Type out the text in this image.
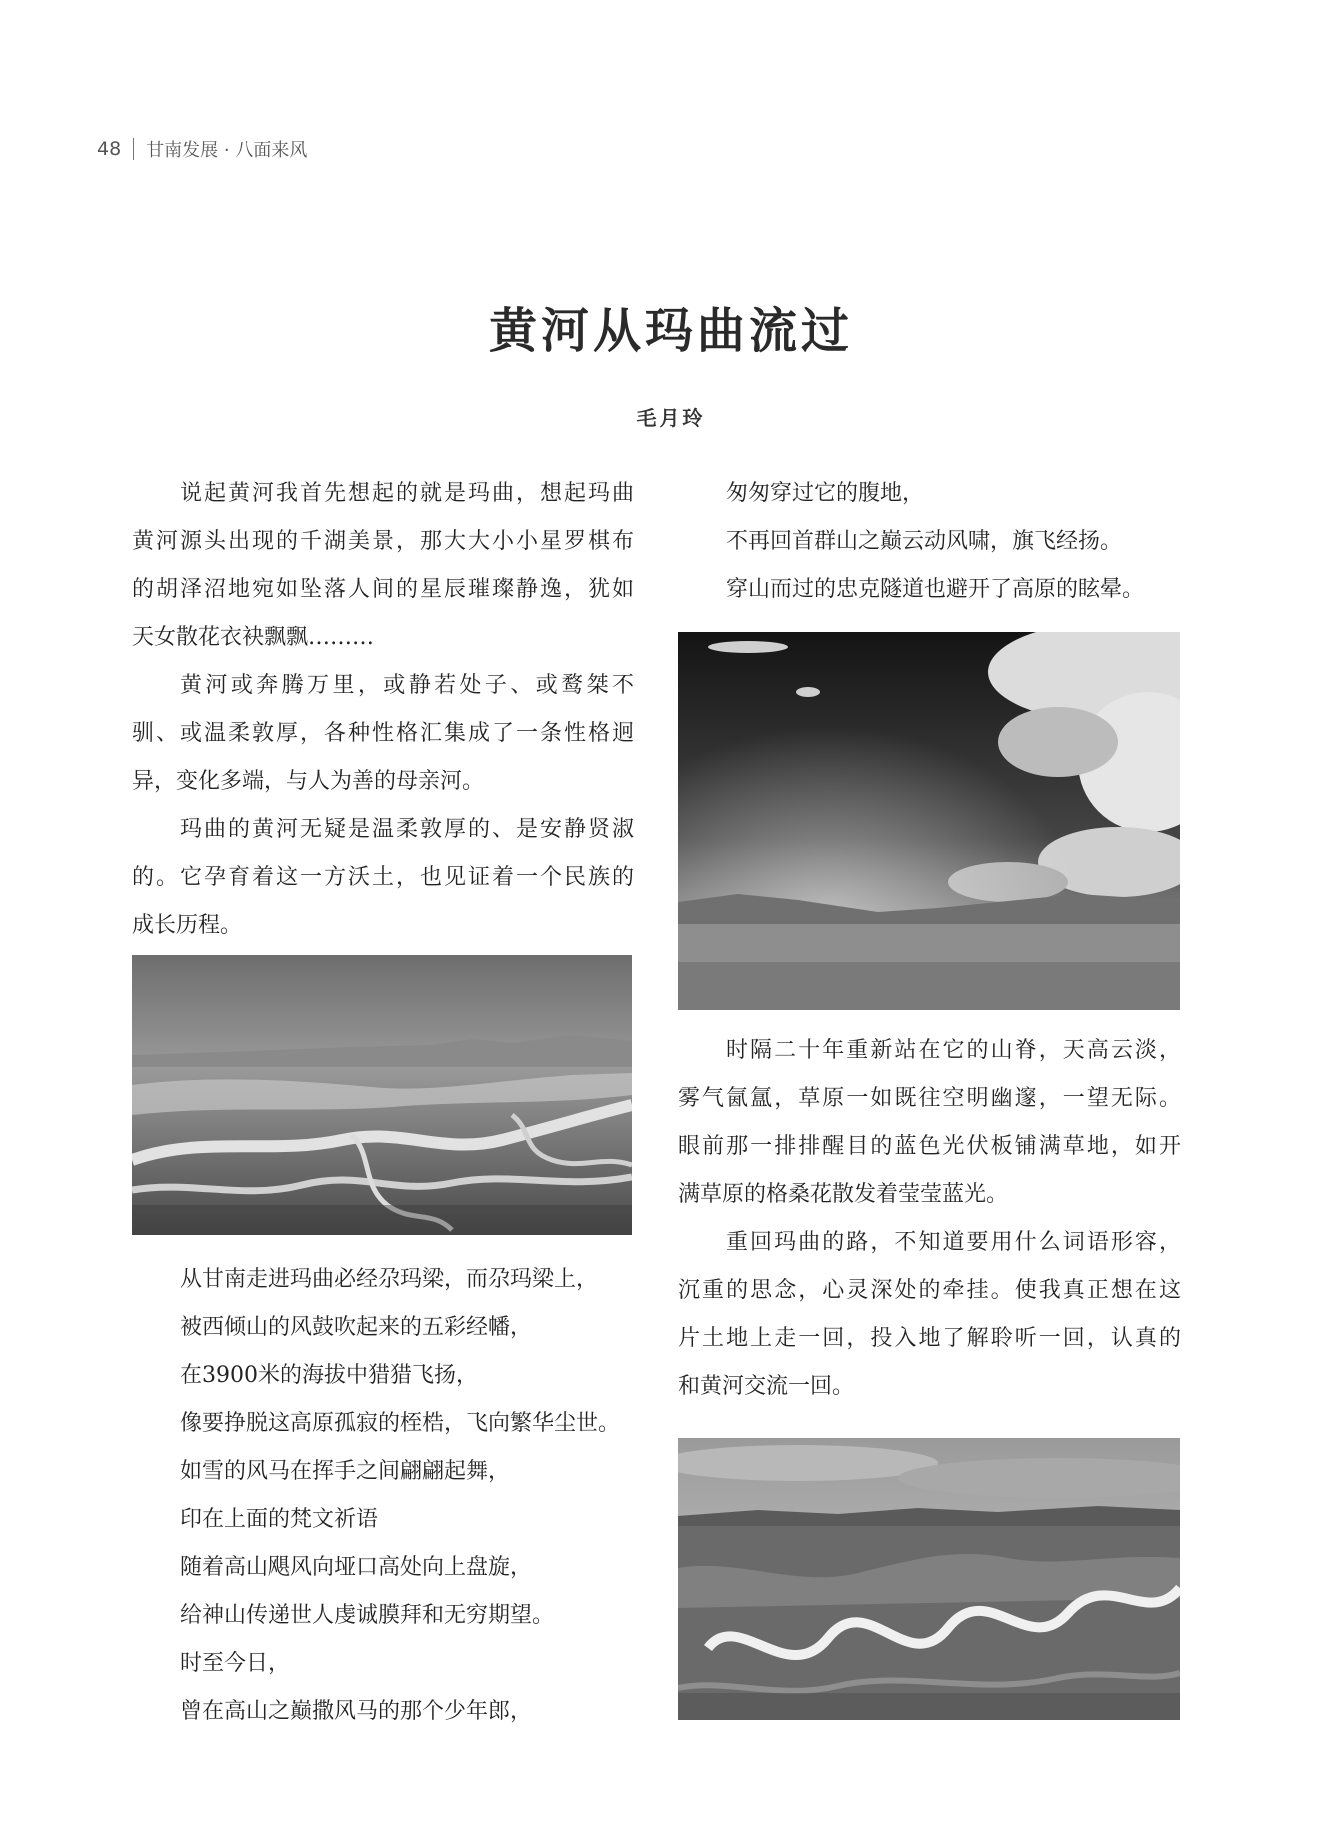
48 甘南发展 · 八面来风
黄河从玛曲流过
毛月玲
说起黄河我首先想起的就是玛曲，想起玛曲
黄河源头出现的千湖美景，那大大小小星罗棋布
的胡泽沼地宛如坠落人间的星辰璀璨静逸，犹如
天女散花衣袂飘飘………
黄河或奔腾万里，或静若处子、或鹜桀不
驯、或温柔敦厚，各种性格汇集成了一条性格迥
异，变化多端，与人为善的母亲河。
玛曲的黄河无疑是温柔敦厚的、是安静贤淑
的。它孕育着这一方沃土，也见证着一个民族的
成长历程。
从甘南走进玛曲必经尕玛梁，而尕玛梁上，
被西倾山的风鼓吹起来的五彩经幡，
在3900米的海拔中猎猎飞扬，
像要挣脱这高原孤寂的桎梏，飞向繁华尘世。
如雪的风马在挥手之间翩翩起舞，
印在上面的梵文祈语
随着高山飓风向垭口高处向上盘旋，
给神山传递世人虔诚膜拜和无穷期望。
时至今日，
曾在高山之巅撒风马的那个少年郎，
匆匆穿过它的腹地，
不再回首群山之巅云动风啸，旗飞经扬。
穿山而过的忠克隧道也避开了高原的眩晕。
时隔二十年重新站在它的山脊，天高云淡，
雾气氤氲，草原一如既往空明幽邃，一望无际。
眼前那一排排醒目的蓝色光伏板铺满草地，如开
满草原的格桑花散发着莹莹蓝光。
重回玛曲的路，不知道要用什么词语形容，
沉重的思念，心灵深处的牵挂。使我真正想在这
片土地上走一回，投入地了解聆听一回，认真的
和黄河交流一回。
